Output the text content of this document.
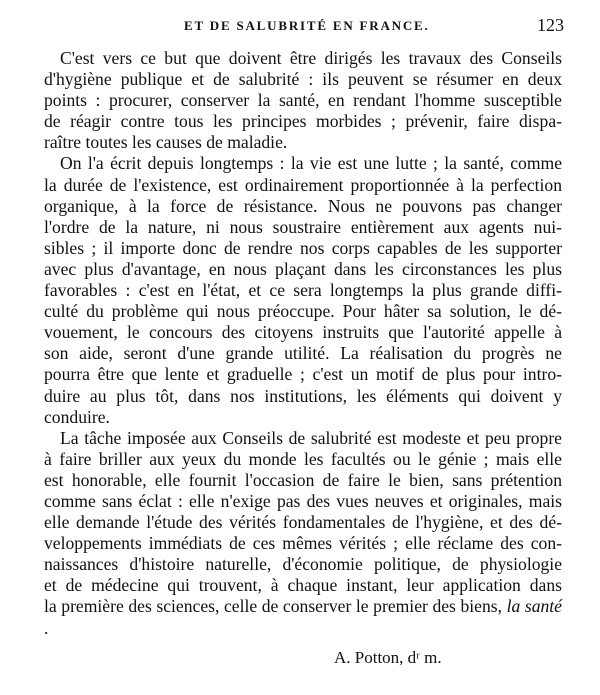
ET DE SALUBRITÉ EN FRANCE.	123

C'est vers ce but que doivent être dirigés les travaux des Conseils
d'hygiène publique et de salubrité : ils peuvent se résumer en deux
points : procurer, conserver la santé, en rendant l'homme susceptible
de réagir contre tous les principes morbides ; prévenir, faire dispa-
raître toutes les causes de maladie.

On l'a écrit depuis longtemps : la vie est une lutte ; la santé, comme
la durée de l'existence, est ordinairement proportionnée à la perfection
organique, à la force de résistance. Nous ne pouvons pas changer
l'ordre de la nature, ni nous soustraire entièrement aux agents nui-
sibles ; il importe donc de rendre nos corps capables de les supporter
avec plus d'avantage, en nous plaçant dans les circonstances les plus
favorables : c'est en l'état, et ce sera longtemps la plus grande diffi-
culté du problème qui nous préoccupe. Pour hâter sa solution, le dé-
vouement, le concours des citoyens instruits que l'autorité appelle à
son aide, seront d'une grande utilité. La réalisation du progrès ne
pourra être que lente et graduelle ; c'est un motif de plus pour intro-
duire au plus tôt, dans nos institutions, les éléments qui doivent y
conduire.

La tâche imposée aux Conseils de salubrité est modeste et peu propre
à faire briller aux yeux du monde les facultés ou le génie ; mais elle
est honorable, elle fournit l'occasion de faire le bien, sans prétention
comme sans éclat : elle n'exige pas des vues neuves et originales, mais
elle demande l'étude des vérités fondamentales de l'hygiène, et des dé-
veloppements immédiats de ces mêmes vérités ; elle réclame des con-
naissances d'histoire naturelle, d'économie politique, de physiologie
et de médecine qui trouvent, à chaque instant, leur application dans
la première des sciences, celle de conserver le premier des biens, la santé
.

A. Potton, dʳ m.
